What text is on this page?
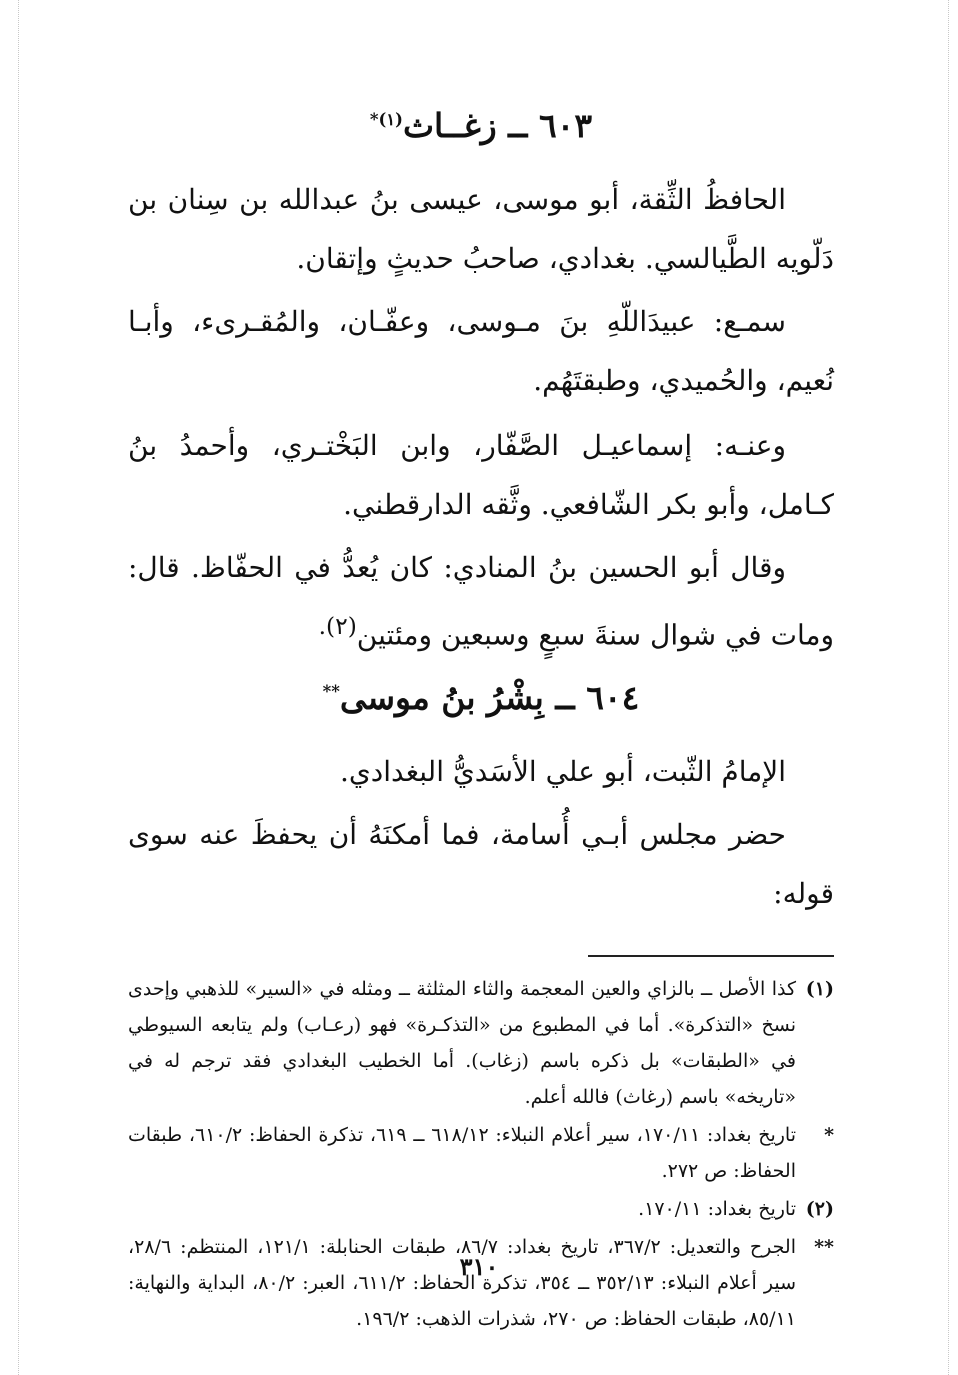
٦٠٣ ــ زغــاث$^{(١)*}$

الحافظُ الثِّقة، أبو موسى، عيسى بنُ عبدالله بن سِنان بن دَلّويه الطَّيالسي. بغدادي، صاحبُ حديثٍ وإتقان.

سمـع: عبيدَاللّهِ بنَ مـوسى، وعفّـان، والمُقـرىء، وأبـا نُعيم، والحُميدي، وطبقتَهُم.

وعنـه: إسماعيـل الصَّفّار، وابن البَخْتـري، وأحمدُ بنُ كـامل، وأبو بكر الشّافعي. وثَّقه الدارقطني.

وقال أبو الحسين بنُ المنادي: كان يُعدُّ في الحفّاظ. قال: ومات في شوال سنةَ سبعٍ وسبعين ومئتين$^{(٢).}$

٦٠٤ ــ بِشْرُ بنُ موسى**

الإمامُ الثّبت، أبو علي الأسَديُّ البغدادي.

حضر مجلس أبـي أُسامة، فما أمكنَهُ أن يحفظَ عنه سوى قوله:

(١)
كذا الأصل ــ بالزاي والعين المعجمة والثاء المثلثة ــ ومثله في «السير» للذهبي وإحدى نسخ «التذكرة». أما في المطبوع من «التذكـرة» فهو (رعـاب) ولم يتابعه السيوطي في «الطبقات» بل ذكره باسم (زغاب). أما الخطيب البغدادي فقد ترجم له في «تاريخه» باسم (رغاث) فالله أعلم.
*
تاريخ بغداد: ١٧٠/١١، سير أعلام النبلاء: ٦١٨/١٢ ــ ٦١٩، تذكرة الحفاظ: ٦١٠/٢، طبقات الحفاظ: ص ٢٧٢.
(٢)
تاريخ بغداد: ١٧٠/١١.
**
الجرح والتعديل: ٣٦٧/٢، تاريخ بغداد: ٨٦/٧، طبقات الحنابلة: ١٢١/١، المنتظم: ٢٨/٦، سير أعلام النبلاء: ٣٥٢/١٣ ــ ٣٥٤، تذكرة الحفاظ: ٦١١/٢، العبر: ٨٠/٢، البداية والنهاية: ٨٥/١١، طبقات الحفاظ: ص ٢٧٠، شذرات الذهب: ١٩٦/٢.
٣١٠
